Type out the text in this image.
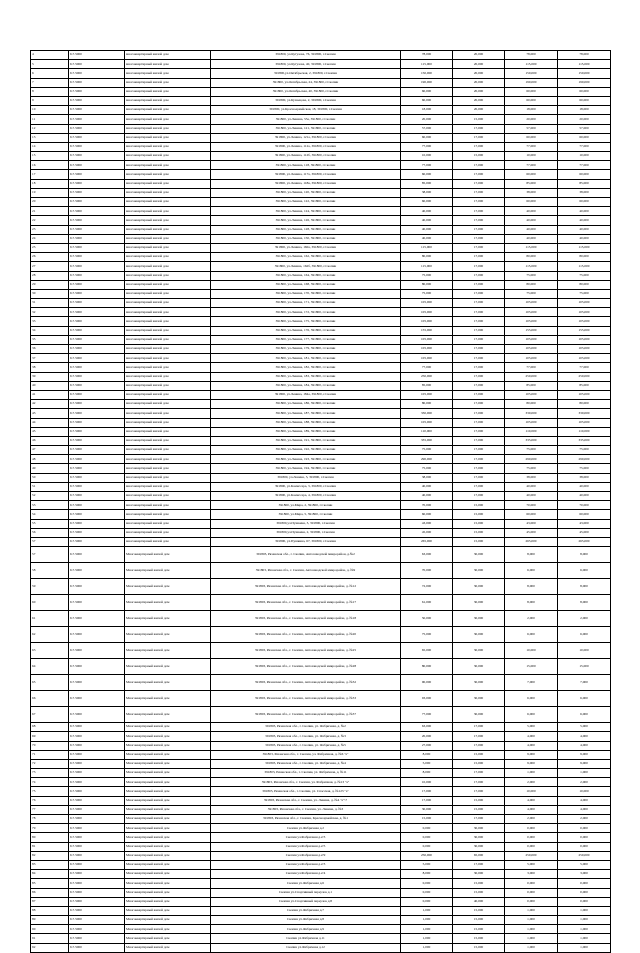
4	6.7.5000	многоквартирный жилой дом	391800, ул.Кутузова, 76, 391800, г.Скопин	78,000	20,000	78,000	78,000
5	6.7.5000	многоквартирный жилой дом	391800, ул.Кутузова, 40, 391800, г.Скопин	115,000	20,000	115,000	115,000
6	6.7.5000	многоквартирный жилой дом	391800,ул.Октябрьская, 2, 391800, г.Скопин	150,000	20,000	150,000	150,000
7	6.7.5000	многоквартирный жилой дом	391800, ул.Октябрьская, 24, 391800, г.Скопин	190,000	20,000	190,000	190,000
8	6.7.5000	многоквартирный жилой дом	391800, ул.Октябрьская, 40, 391800, г.Скопин	60,000	20,000	60,000	60,000
9	6.7.5000	многоквартирный жилой дом	391800, ул.Кузнецова, 2, 391800, г.Скопин	60,000	20,000	60,000	60,000
10	6.7.5000	многоквартирный жилой дом	391800, ул.Красноармейская, 18, 391800, г.Скопин	18,000	20,000	18,000	18,000
11	6.7.5000	многоквартирный жилой дом	391800, ул.Ленина, 53а, 391800, г.Скопин	20,000	15,000	20,000	20,000
12	6.7.5000	многоквартирный жилой дом	391800, ул.Ленина, 121, 391800, г.Скопин	57,000	17,000	57,000	57,000
13	6.7.5000	многоквартирный жилой дом	391800, ул.Ленина, 121а, 391800, г.Скопин	60,000	17,000	60,000	60,000
14	6.7.5000	многоквартирный жилой дом	391800, ул.Ленина, 112а, 391800, г.Скопин	77,000	17,000	77,000	77,000
15	6.7.5000	многоквартирный жилой дом	391800, ул.Ленина, 112б, 391800, г.Скопин	10,000	15,000	10,000	10,000
16	6.7.5000	многоквартирный жилой дом	391800, ул.Ленина, 118, 391800, г.Скопин	77,000	17,000	77,000	77,000
17	6.7.5000	многоквартирный жилой дом	391800, ул.Ленина, 117а, 391800, г.Скопин	60,000	17,000	60,000	60,000
18	6.7.5000	многоквартирный жилой дом	391800, ул.Ленина, 118в, 391800, г.Скопин	85,000	17,000	85,000	85,000
19	6.7.5000	многоквартирный жилой дом	391800, ул.Ленина, 120, 391800, г.Скопин	38,000	17,000	38,000	38,000
20	6.7.5000	многоквартирный жилой дом	391800, ул.Ленина, 122, 391800, г.Скопин	60,000	17,000	60,000	60,000
21	6.7.5000	многоквартирный жилой дом	391800, ул.Ленина, 124, 391800, г.Скопин	40,000	17,000	40,000	40,000
22	6.7.5000	многоквартирный жилой дом	391800, ул.Ленина, 126, 391800, г.Скопин	40,000	17,000	40,000	40,000
23	6.7.5000	многоквартирный жилой дом	391800, ул.Ленина, 128, 391800, г.Скопин	40,000	17,000	40,000	40,000
24	6.7.5000	многоквартирный жилой дом	391800, ул.Ленина, 150, 391800, г.Скопин	40,000	17,000	40,000	40,000
25	6.7.5000	многоквартирный жилой дом	391800, ул.Ленина, 160а, 391800, г.Скопин	115,000	17,000	115,000	115,000
26	6.7.5000	многоквартирный жилой дом	391800, ул.Ленина, 162, 391800, г.Скопин	80,000	17,000	80,000	80,000
27	6.7.5000	многоквартирный жилой дом	391800, ул.Ленина, 162б, 391800, г.Скопин	115,000	17,000	115,000	115,000
28	6.7.5000	многоквартирный жилой дом	391800, ул.Ленина, 164, 391800, г.Скопин	75,000	17,000	75,000	75,000
29	6.7.5000	многоквартирный жилой дом	391800, ул.Ленина, 168, 391800, г.Скопин	80,000	17,000	80,000	80,000
30	6.7.5000	многоквартирный жилой дом	391800, ул.Ленина, 170, 391800, г.Скопин	75,000	17,000	75,000	75,000
31	6.7.5000	многоквартирный жилой дом	391800, ул.Ленина, 171, 391800, г.Скопин	105,000	17,000	105,000	105,000
32	6.7.5000	многоквартирный жилой дом	391800, ул.Ленина, 172, 391800, г.Скопин	105,000	17,000	105,000	105,000
33	6.7.5000	многоквартирный жилой дом	391800, ул.Ленина, 175, 391800, г.Скопин	105,000	17,000	105,000	105,000
34	6.7.5000	многоквартирный жилой дом	391800, ул.Ленина, 176, 391800, г.Скопин	155,000	17,000	155,000	155,000
35	6.7.5000	многоквартирный жилой дом	391800, ул.Ленина, 177, 391800, г.Скопин	105,000	17,000	105,000	105,000
36	6.7.5000	многоквартирный жилой дом	391800, ул.Ленина, 179, 391800, г.Скопин	105,000	17,000	105,000	105,000
37	6.7.5000	многоквартирный жилой дом	391800, ул.Ленина, 181, 391800, г.Скопин	105,000	17,000	105,000	105,000
38	6.7.5000	многоквартирный жилой дом	391800, ул.Ленина, 182, 391800, г.Скопин	77,000	17,000	77,000	77,000
39	6.7.5000	многоквартирный жилой дом	391800, ул.Ленина, 183, 391800, г.Скопин	250,000	17,000	250,000	250,000
40	6.7.5000	многоквартирный жилой дом	391800, ул.Ленина, 184, 391800, г.Скопин	85,000	17,000	85,000	85,000
41	6.7.5000	многоквартирный жилой дом	391800, ул.Ленина, 184а, 391800, г.Скопин	105,000	17,000	105,000	105,000
42	6.7.5000	многоквартирный жилой дом	391800, ул.Ленина, 186, 391800, г.Скопин	80,000	17,000	80,000	80,000
43	6.7.5000	многоквартирный жилой дом	391800, ул.Ленина, 187, 391800, г.Скопин	330,000	17,000	330,000	330,000
44	6.7.5000	многоквартирный жилой дом	391800, ул.Ленина, 188, 391800, г.Скопин	105,000	17,000	105,000	105,000
45	6.7.5000	многоквартирный жилой дом	391800, ул.Ленина, 189, 391800, г.Скопин	110,000	17,000	110,000	110,000
46	6.7.5000	многоквартирный жилой дом	391800, ул.Ленина, 191, 391800, г.Скопин	335,000	17,000	335,000	335,000
47	6.7.5000	многоквартирный жилой дом	391800, ул.Ленина, 192, 391800, г.Скопин	75,000	17,000	75,000	75,000
48	6.7.5000	многоквартирный жилой дом	391800, ул.Ленина, 193, 391800, г.Скопин	290,000	17,000	290,000	290,000
49	6.7.5000	многоквартирный жилой дом	391800, ул.Ленина, 194, 391800, г.Скопин	75,000	17,000	75,000	75,000
50	6.7.5000	многоквартирный жилой дом	391800, ул.Ленина, 3, 391800, г.Скопин	38,000	17,000	38,000	38,000
51	6.7.5000	многоквартирный жилой дом	391800, ул.Комиссара, 3, 391800, г.Скопин	40,000	17,000	40,000	40,000
52	6.7.5000	многоквартирный жилой дом	391800, ул.Комиссара, 4, 391800, г.Скопин	40,000	17,000	40,000	40,000
53	6.7.5000	многоквартирный жилой дом	391800, ул.Мира, 2, 391800, г.Скопин	70,000	15,000	70,000	70,000
54	6.7.5000	многоквартирный жилой дом	391800, ул.Мира, 5, 391800, г.Скопин	60,000	15,000	60,000	60,000
55	6.7.5000	многоквартирный жилой дом	391800,ул.Пушкина, 3, 391800, г.Скопин	43,000	15,000	43,000	43,000
56	6.7.5000	многоквартирный жилой дом	391800,ул.Пушкина, 2, 391800, г.Скопин	45,000	15,000	45,000	45,000
57	6.7.5000	многоквартирный жилой дом	391800, ул.Пушкина, 67, 391800, г.Скопин	265,000	15,000	265,000	265,000
57	6.7.5000	Многоквартирный жилой дом	391803, Рязанская обл., г. Скопин, Автозаводской микрорайон, д.№2	63,000	30,000	8,000	8,000
58	6.7.5000	Многоквартирный жилой дом	391803, Рязанская обл., г. Скопин, Автозаводской микрорайон, д. №9	70,000	30,000	6,000	6,000
59	6.7.5000	Многоквартирный жилой дом	391803, Рязанская обл., г. Скопин, Автозаводской микрорайон, д. №12	72,000	30,000	8,000	8,000
60	6.7.5000	Многоквартирный жилой дом	391803, Рязанская обл., г. Скопин, Автозаводской микрорайон, д. №17	61,000	30,000	8,000	8,000
61	6.7.5000	Многоквартирный жилой дом	391803, Рязанская обл., г. Скопин, Автозаводской микрорайон, д. №18	50,000	30,000	2,000	2,000
62	6.7.5000	Многоквартирный жилой дом	391803, Рязанская обл., г. Скопин, Автозаводской микрорайон, д. №20	75,000	30,000	6,000	6,000
63	6.7.5000	Многоквартирный жилой дом	391803, Рязанская обл., г. Скопин, Автозаводской микрорайон, д. №25	65,000	30,000	10,000	10,000
64	6.7.5000	Многоквартирный жилой дом	391803, Рязанская обл., г. Скопин, Автозаводской микрорайон, д. №28	80,000	30,000	15,000	15,000
65	6.7.5000	Многоквартирный жилой дом	391803, Рязанская обл., г. Скопин, Автозаводской микрорайон, д. №32	90,000	30,000	7,000	7,000
66	6.7.5000	Многоквартирный жилой дом	391803, Рязанская обл., г. Скопин, Автозаводской микрорайон, д. №33	93,000	30,000	6,000	6,000
67	6.7.5000	Многоквартирный жилой дом	391803, Рязанская обл., г. Скопин, Автозаводской микрорайон, д. №37	77,000	30,000	6,000	6,000
68	6.7.5000	Многоквартирный жилой дом	391803, Рязанская обл., г. Скопин, ул. Фабричная, д. №2	63,000	17,000	5,000	5,000
69	6.7.5000	Многоквартирный жилой дом	391803, Рязанская обл., г. Скопин, ул. Фабричная, д. №3	20,000	17,000	4,000	4,000
70	6.7.5000	Многоквартирный жилой дом	391803, Рязанская обл., г. Скопин, ул. Фабричная, д. №5	27,000	17,000	4,000	4,000
71	6.7.5000	Многоквартирный жилой дом	391803, Рязанская обл., г. Скопин, ул. Фабричная, д. №6 "а"	8,000	15,000	9,000	9,000
72	6.7.5000	Многоквартирный жилой дом	391803, Рязанская обл., г. Скопин, ул. Фабричная, д. №4	5,000	15,000	9,000	9,000
73	6.7.5000	Многоквартирный жилой дом	391803, Рязанская обл., г. Скопин, ул. Фабричная, д. №11	8,000	17,000	1,000	1,000
74	6.7.5000	Многоквартирный жилой дом	391803, Рязанская обл., г. Скопин, ул. Фабричная, д. №13 "а"	10,000	17,000	2,000	2,000
75	6.7.5000	Многоквартирный жилой дом	391803, Рязанская обл., г. Скопин, ул. Спасская, д. №123 "а"	17,000	17,000	10,000	10,000
76	6.7.5000	Многоквартирный жилой дом	391803, Рязанская обл., г. Скопин, ул. Ленина, д. №4 "а"\7	17,000	15,000	4,000	4,000
77	6.7.5000	Многоквартирный жилой дом	391803, Рязанская обл., г. Скопин, ул. Ленина, д. №3	30,000	15,000	4,000	4,000
78	6.7.5000	Многоквартирный жилой дом	391803, Рязанская обл., г. Скопин, Красноармейская, д. №1	15,000	17,000	2,000	2,000
79	6.7.5000	Многоквартирный жилой дом	Скопин ул.Фабричная д.2	0,000	30,000	0,000	0,000
80	6.7.5000	Многоквартирный жилой дом	Скопин ул.Фабричная д.2/3	0,000	30,000	0,000	0,000
81	6.7.5000	Многоквартирный жилой дом	Скопин ул.Фабричная д.2/5	0,000	30,000	0,000	0,000
82	6.7.5000	Многоквартирный жилой дом	Скопин ул.Фабричная д.2/9	250,000	65,000	250,000	250,000
83	6.7.5000	Многоквартирный жилой дом	Скопин ул.Фабричная д.2/3	5,000	17,000	5,000	5,000
84	6.7.5000	Многоквартирный жилой дом	Скопин ул.Фабричная д.2/4	8,000	30,000	3,000	3,000
85	6.7.5000	Многоквартирный жилой дом	Скопин ул.Фабричная д.6	0,000	15,000	0,000	0,000
86	6.7.5000	Многоквартирный жилой дом	Скопин ул.Спортивный переулок д.1	0,000	15,000	0,000	0,000
87	6.7.5000	Многоквартирный жилой дом	Скопин ул.Спортивный переулок д.8	0,000	40,000	0,000	0,000
88	6.7.5000	Многоквартирный жилой дом	Скопин ул.Фабричная д.7	1,000	15,000	1,000	1,000
89	6.7.5000	Многоквартирный жилой дом	Скопин ул.Фабричная д.8	1,000	15,000	1,000	1,000
90	6.7.5000	Многоквартирный жилой дом	Скопин ул.Фабричная д.9	1,000	15,000	1,000	1,000
91	6.7.5000	Многоквартирный жилой дом	Скопин ул.Фабричная д.11	1,000	15,000	1,000	1,000
92	6.7.5000	Многоквартирный жилой дом	Скопин ул.Фабричная д.12	1,000	15,000	1,000	1,000
